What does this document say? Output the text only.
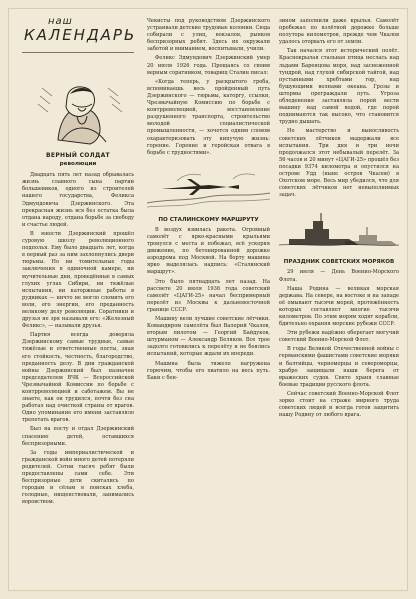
наш
КАЛЕНДАРЬ
ВЕРНЫЙ СОЛДАТ
революции

Двадцать пять лет назад обрывалась жизнь славного сына партии большевиков, одного из строителей нашего государства, Феликса Эдмундовича Дзержинского. Эта прекрасная жизнь вся без остатка была отдана народу, отдана борьбе за свободу и счастье людей.

В юности Дзержинский прошёл суровую школу революционного подполья. Ему было двадцать лет, когда в первый раз за ним захлопнулись двери тюрьмы. Но ни томительные годы заключения в одиночной камере, ни мучительные дни, проведённые в самых глухих углах Сибири, ни тяжёлые испытания, ни каторжные работы в рудниках — ничто не могло сломить его воли, его энергии, его преданность великому делу революции. Соратники и друзья не зря называли его: «Железный Феликс», — называли друзья.

Партия всегда доверяла Дзержинскому самые трудные, самые тяжёлые и ответственные посты, зная его стойкость, честность, благородство, преданность делу. В дни гражданской войны Дзержинский был назначен председателем ВЧК — Всероссийской Чрезвычайной Комиссии по борьбе с контрреволюцией и саботажем. Вы не знаете, как он трудился, почти без сна работал над очисткой страны от врагов. Одно упоминание его имени заставляло трепетать врагов.

Был на посту и отдал Дзержинский спасению детей, оставшихся беспризорными.

За годы империалистической и гражданской войн много детей потеряли родителей. Сотни тысяч ребят были предоставлены сами себе. Эти беспризорные дети скитались по городам и сёлам в поисках хлеба, голодные, нищенствовали, занимались воровством.

Чекисты под руководством Дзержинского устраивали детские трудовые колонии. Сюда собирали с улиц, вокзалов, рынков беспризорных ребят. Здесь их окружали заботой и вниманием, воспитывали, учили.

Феликс Эдмундович Дзержинский умер 20 июля 1926 года. Прощаясь со своим верным соратником, товарищ Сталин писал:

«Когда теперь, у раскрытого гроба, вспоминаешь весь пройденный путь Дзержинского — тюрьмы, каторгу, ссылки, Чрезвычайную Комиссию по борьбе с контрреволюцией, восстановление разрушенного транспорта, строительство молодой социалистической промышленности, — хочется одним словом охарактеризовать эту кипучую жизнь: горение. Горение и геройская отвага в борьбе с трудностями».

ПО СТАЛИНСКОМУ МАРШРУТУ

В воздух взвилась ракета. Огромный самолёт с ярко-красными крыльями тронулся с места и побежал, всё ускоряя движение, по бетонированной дорожке аэродрома под Москвой. На борту машины ярко выделялась надпись: «Сталинский маршрут».

Это было пятнадцать лет назад. На рассвете 20 июля 1936 года советский самолёт «ЦАГИ-25» начал беспримерный перелёт из Москвы к дальневосточной границе СССР.

Машину вели лучшие советские лётчики. Командиром самолёта был Валерий Чкалов, вторым пилотом — Георгий Байдуков, штурманом — Александр Беляков. Все трое задолго готовились к перелёту и не боялись испытаний, которые ждали их впереди.

Машина была тяжело нагружена горючим, чтобы его хватило на весь путь. Баки с бен-

зином заполнили даже крылья. Самолёт пробежал по взлётной дорожке больше полутора километров, прежде чем Чкалов удалось оторвать его от земли.

Так начался этот исторический полёт. Краснокрылая стальная птица неслась над льдами Баренцова моря, над заснеженной тундрой, над глухой сибирской тайгой, над пустынными хребтами гор, над бушующими волнами океана. Грозы и штормы преграждали путь. Угроза обледенения заставляла порой вести машину над самой водой, где порой поднимаются так высоко, что становится трудно дышать.

Но мастерство и выносливость советских лётчиков выдержали все испытания. Три дня и три ночи продолжался этот небывалый перелёт. За 56 часов и 20 минут «ЦАГИ-25» прошёл без посадки 9374 километра и опустился на острове Удд (ныне остров Чкалов) в Охотском море. Весь мир убедился, что для советских лётчиков нет невыполнимых задач.

ПРАЗДНИК СОВЕТСКИХ МОРЯКОВ

29 июля — День Военно-Морского Флота.

Наша Родина — великая морская держава. На севере, на востоке и на западе её омывают тысячи морей, протяжённость которых составляет многие тысячи километров. По этим морям ходят корабли, бдительно охраняя морские рубежи СССР.

Эти рубежи надёжно оберегает могучий советский Военно-Морской Флот.

В годы Великой Отечественной войны с германскими фашистами советские моряки и балтийцы, черноморцы и североморцы, храбро защищали наши берега от вражеских судов. Свято храня славные боевые традиции русского флота.

Сейчас советский Военно-Морской Флот зорко стоит на страже мирного труда советских людей и всегда готов защитить нашу Родину от любого врага.
